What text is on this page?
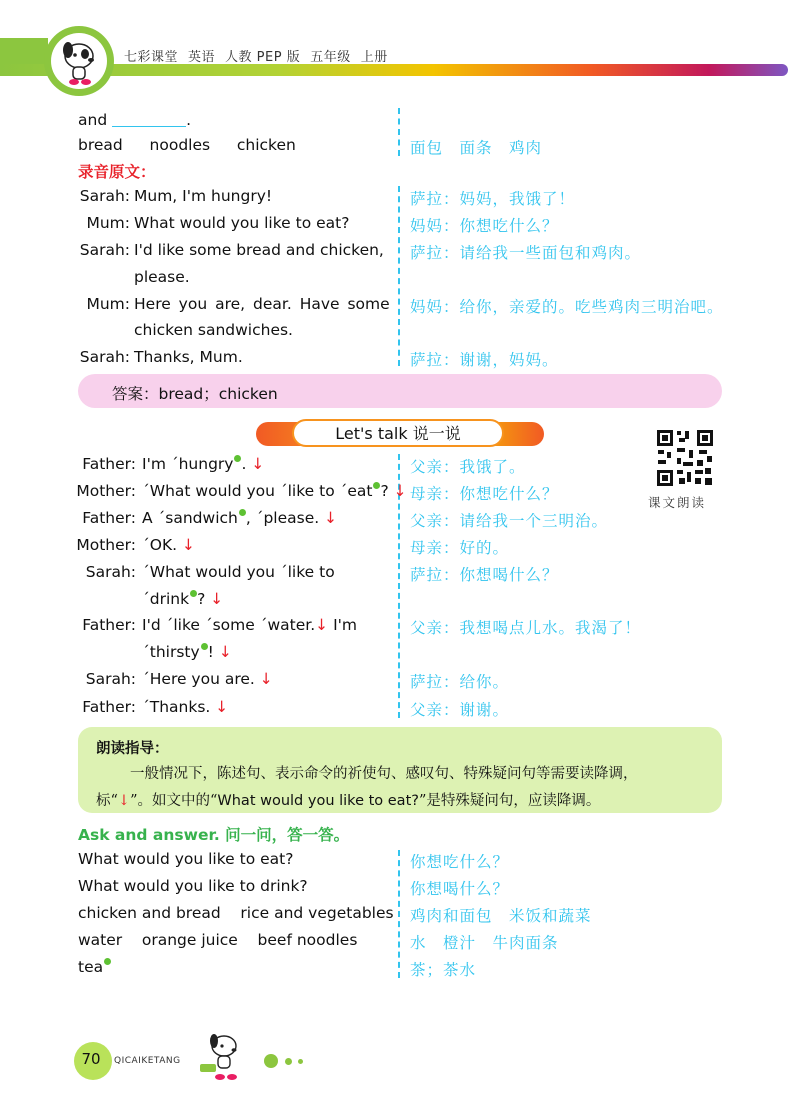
七彩课堂 英语 人教 PEP 版 五年级 上册
and	.
bread   noodles   chicken	面包　面条　鸡肉
录音原文：
Sarah: Mum, I'm hungry!	萨拉：妈妈，我饿了！
Mum: What would you like to eat?	妈妈：你想吃什么？
Sarah: I'd like some bread and chicken,
please.
萨拉：请给我一些面包和鸡肉。
Mum: Here you are, dear. Have some
chicken sandwiches.
妈妈：给你，亲爱的。吃些鸡肉三明治吧。
Sarah: Thanks, Mum.	萨拉：谢谢，妈妈。
答案：bread；chicken
Let's talk 说一说
课文朗读
Father: I'm ˊhungry . ↓	父亲：我饿了。
Mother: ˊWhat would you ˊlike to ˊeat ? ↓ 母亲：你想吃什么？
Father: A ˊsandwich , ˊplease. ↓	父亲：请给我一个三明治。
Mother: ˊOK. ↓	母亲：好的。
Sarah: ˊWhat would you ˊlike to
ˊdrink ? ↓
萨拉：你想喝什么？
Father: I'd ˊlike ˊsome ˊwater.↓ I'm
ˊthirsty ! ↓
父亲：我想喝点儿水。我渴了！
Sarah: ˊHere you are. ↓	萨拉：给你。
Father: ˊThanks. ↓	父亲：谢谢。
朗读指导：
一般情况下，陈述句、表示命令的祈使句、感叹句、特殊疑问句等需要读降调，
标“↓”。如文中的“What would you like to eat?”是特殊疑问句，应读降调。
Ask and answer. 问一问，答一答。
What would you like to eat?	你想吃什么？
What would you like to drink?	你想喝什么？
chicken and bread    rice and vegetables 鸡肉和面包　米饭和蔬菜
water    orange juice    beef noodles	水　橙汁　牛肉面条
tea	茶；茶水
70	QICAIKETANG
